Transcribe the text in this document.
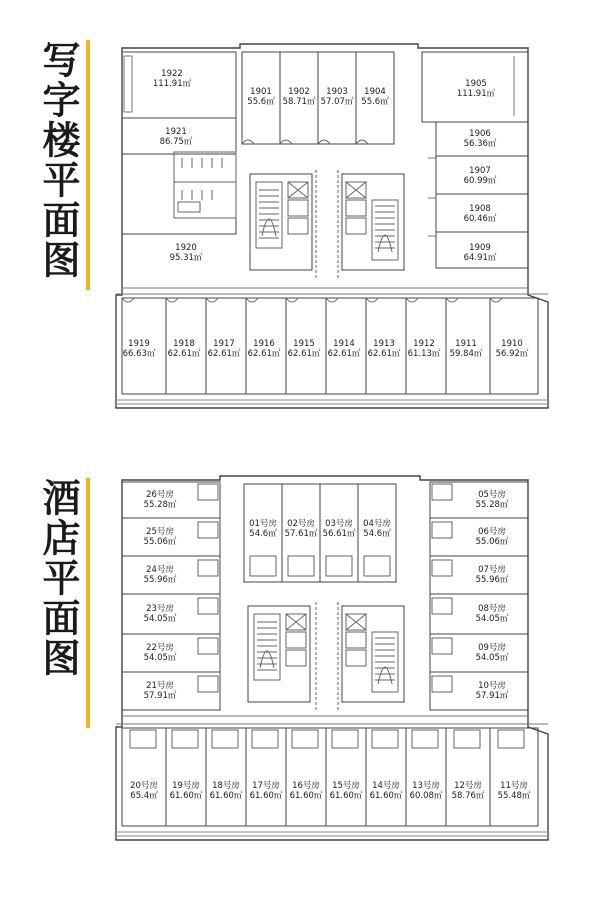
写字楼平面图
酒店平面图
1922
111.91㎡
1921
86.75㎡
1920
95.31㎡
1901
55.6㎡
1902
58.71㎡
1903
57.07㎡
1904
55.6㎡
1905
111.91㎡
1906
56.36㎡
1907
60.99㎡
1908
60.46㎡
1909
64.91㎡
1919
66.63㎡
1918
62.61㎡
1917
62.61㎡
1916
62.61㎡
1915
62.61㎡
1914
62.61㎡
1913
62.61㎡
1912
61.13㎡
1911
59.84㎡
1910
56.92㎡
26号房
55.28㎡
25号房
55.06㎡
24号房
55.96㎡
23号房
54.05㎡
22号房
54.05㎡
21号房
57.91㎡
01号房
54.6㎡
02号房
57.61㎡
03号房
56.61㎡
04号房
54.6㎡
05号房
55.28㎡
06号房
55.06㎡
07号房
55.96㎡
08号房
54.05㎡
09号房
54.05㎡
10号房
57.91㎡
20号房
65.4㎡
19号房
61.60㎡
18号房
61.60㎡
17号房
61.60㎡
16号房
61.60㎡
15号房
61.60㎡
14号房
61.60㎡
13号房
60.08㎡
12号房
58.76㎡
11号房
55.48㎡
